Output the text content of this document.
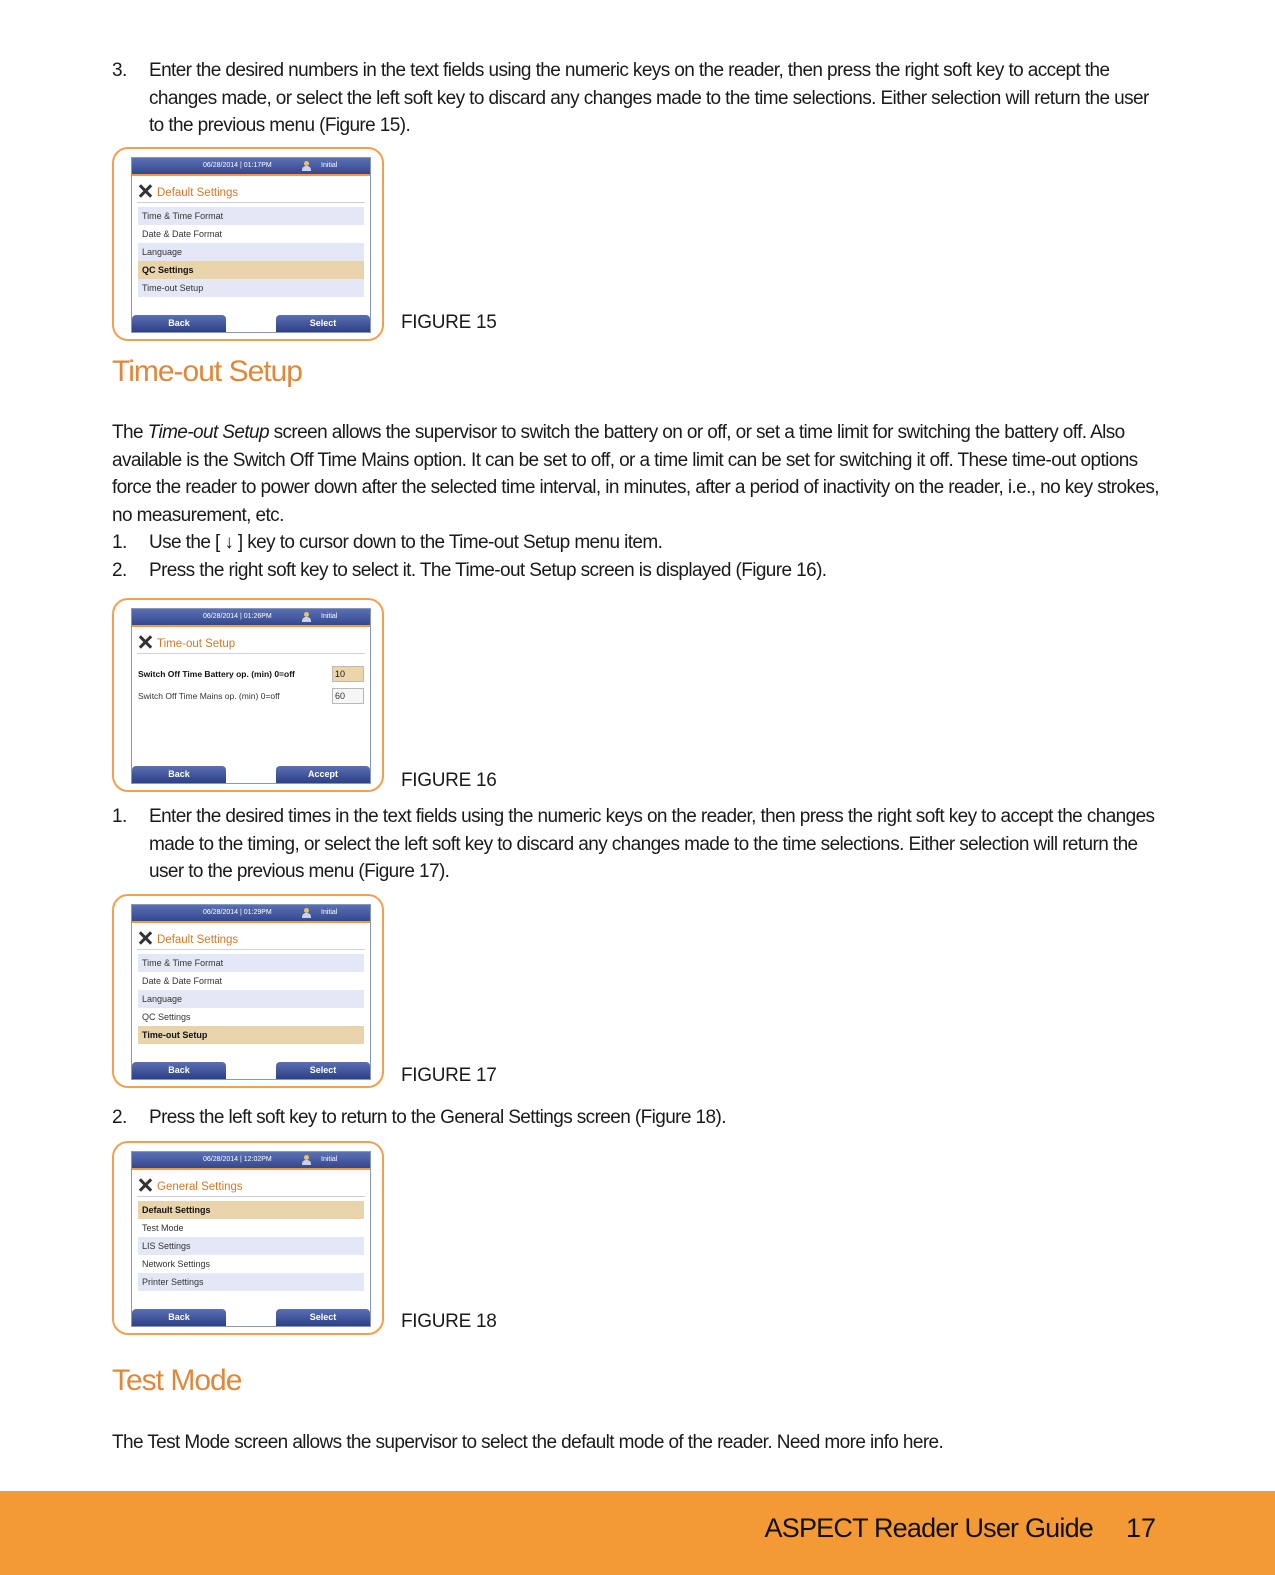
3. Enter the desired numbers in the text fields using the numeric keys on the reader, then press the right soft key to accept the changes made, or select the left soft key to discard any changes made to the time selections. Either selection will return the user to the previous menu (Figure 15).
06/28/2014 | 01:17PM	Initial
Default Settings
Time & Time Format
Date & Date Format
Language
QC Settings
Time-out Setup
Back	Select	FIGURE 15
Time-out Setup
The Time-out Setup screen allows the supervisor to switch the battery on or off, or set a time limit for switching the battery off. Also available is the Switch Off Time Mains option. It can be set to off, or a time limit can be set for switching it off. These time-out options force the reader to power down after the selected time interval, in minutes, after a period of inactivity on the reader, i.e., no key strokes, no measurement, etc.
1. Use the [ ↓ ] key to cursor down to the Time-out Setup menu item.
2. Press the right soft key to select it. The Time-out Setup screen is displayed (Figure 16).
06/28/2014 | 01:26PM	Initial
Time-out Setup
Switch Off Time Battery op. (min) 0=off	10
Switch Off Time Mains op. (min) 0=off	60
Back	Accept	FIGURE 16
1. Enter the desired times in the text fields using the numeric keys on the reader, then press the right soft key to accept the changes made to the timing, or select the left soft key to discard any changes made to the time selections. Either selection will return the user to the previous menu (Figure 17).
06/28/2014 | 01:29PM	Initial
Default Settings
Time & Time Format
Date & Date Format
Language
QC Settings
Time-out Setup
Back	Select	FIGURE 17
2. Press the left soft key to return to the General Settings screen (Figure 18).
06/28/2014 | 12:02PM	Initial
General Settings
Default Settings
Test Mode
LIS Settings
Network Settings
Printer Settings
Back	Select	FIGURE 18
Test Mode
The Test Mode screen allows the supervisor to select the default mode of the reader. Need more info here.
ASPECT Reader User Guide 17
